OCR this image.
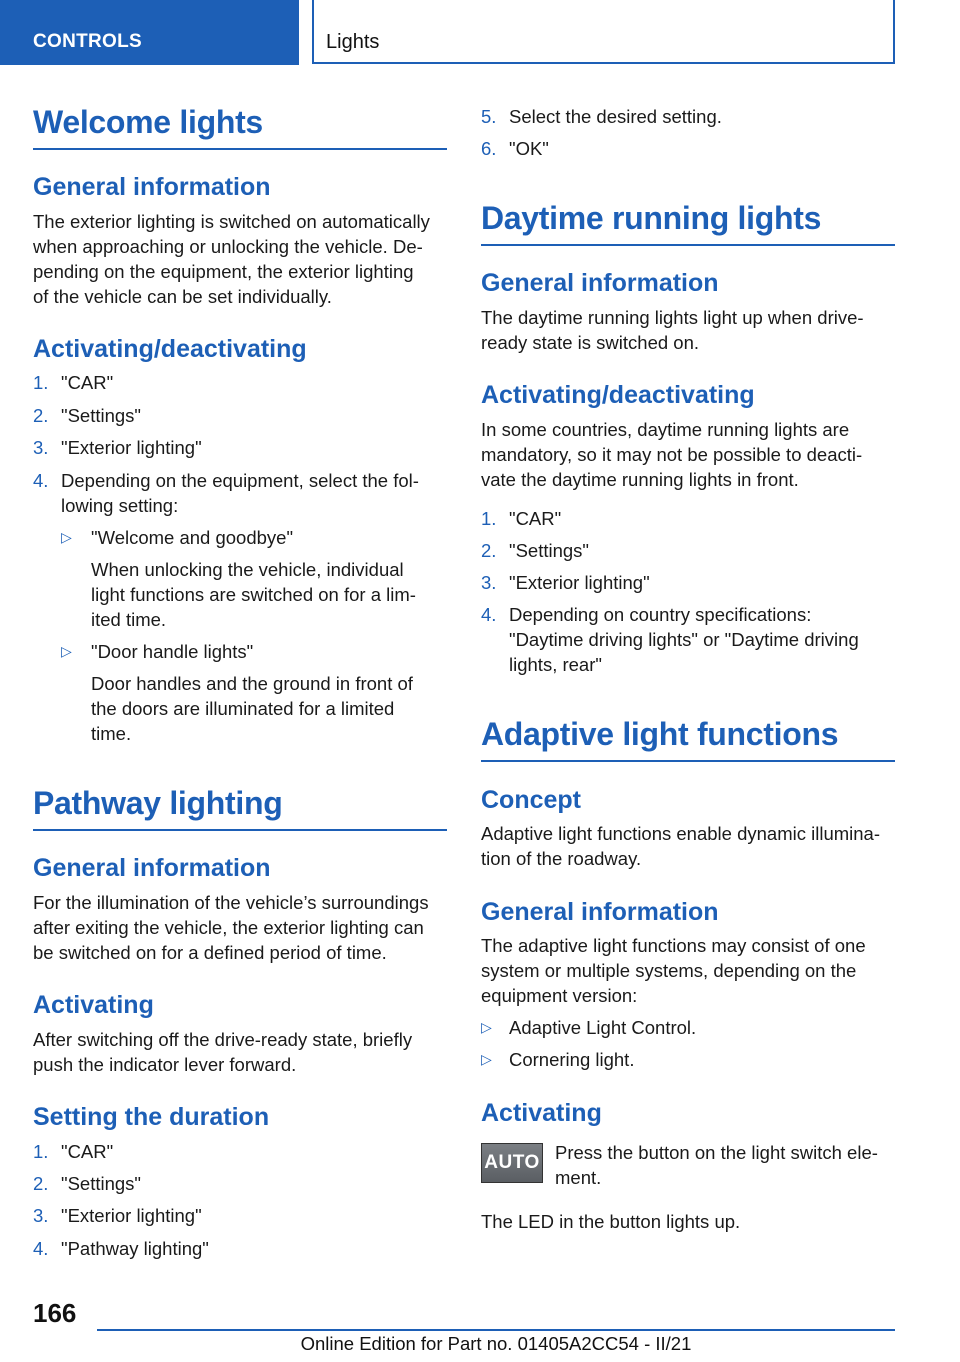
CONTROLS	Lights
Welcome lights
General information
The exterior lighting is switched on automatically
when approaching or unlocking the vehicle. De‐
pending on the equipment, the exterior lighting
of the vehicle can be set individually.
Activating/deactivating
1. "CAR"
2. "Settings"
3. "Exterior lighting"
4. Depending on the equipment, select the fol‐
lowing setting:
▷ "Welcome and goodbye"
When unlocking the vehicle, individual
light functions are switched on for a lim‐
ited time.
▷ "Door handle lights"
Door handles and the ground in front of
the doors are illuminated for a limited
time.
Pathway lighting
General information
For the illumination of the vehicle’s surroundings
after exiting the vehicle, the exterior lighting can
be switched on for a defined period of time.
Activating
After switching off the drive-ready state, briefly
push the indicator lever forward.
Setting the duration
1. "CAR"
2. "Settings"
3. "Exterior lighting"
4. "Pathway lighting"
5. Select the desired setting.
6. "OK"
Daytime running lights
General information
The daytime running lights light up when drive‐
ready state is switched on.
Activating/deactivating
In some countries, daytime running lights are
mandatory, so it may not be possible to deacti‐
vate the daytime running lights in front.
1. "CAR"
2. "Settings"
3. "Exterior lighting"
4. Depending on country specifications:
"Daytime driving lights" or "Daytime driving
lights, rear"
Adaptive light functions
Concept
Adaptive light functions enable dynamic illumina‐
tion of the roadway.
General information
The adaptive light functions may consist of one
system or multiple systems, depending on the
equipment version:
▷ Adaptive Light Control.
▷ Cornering light.
Activating
AUTO Press the button on the light switch ele‐
ment.
The LED in the button lights up.
166
Online Edition for Part no. 01405A2CC54 - II/21
